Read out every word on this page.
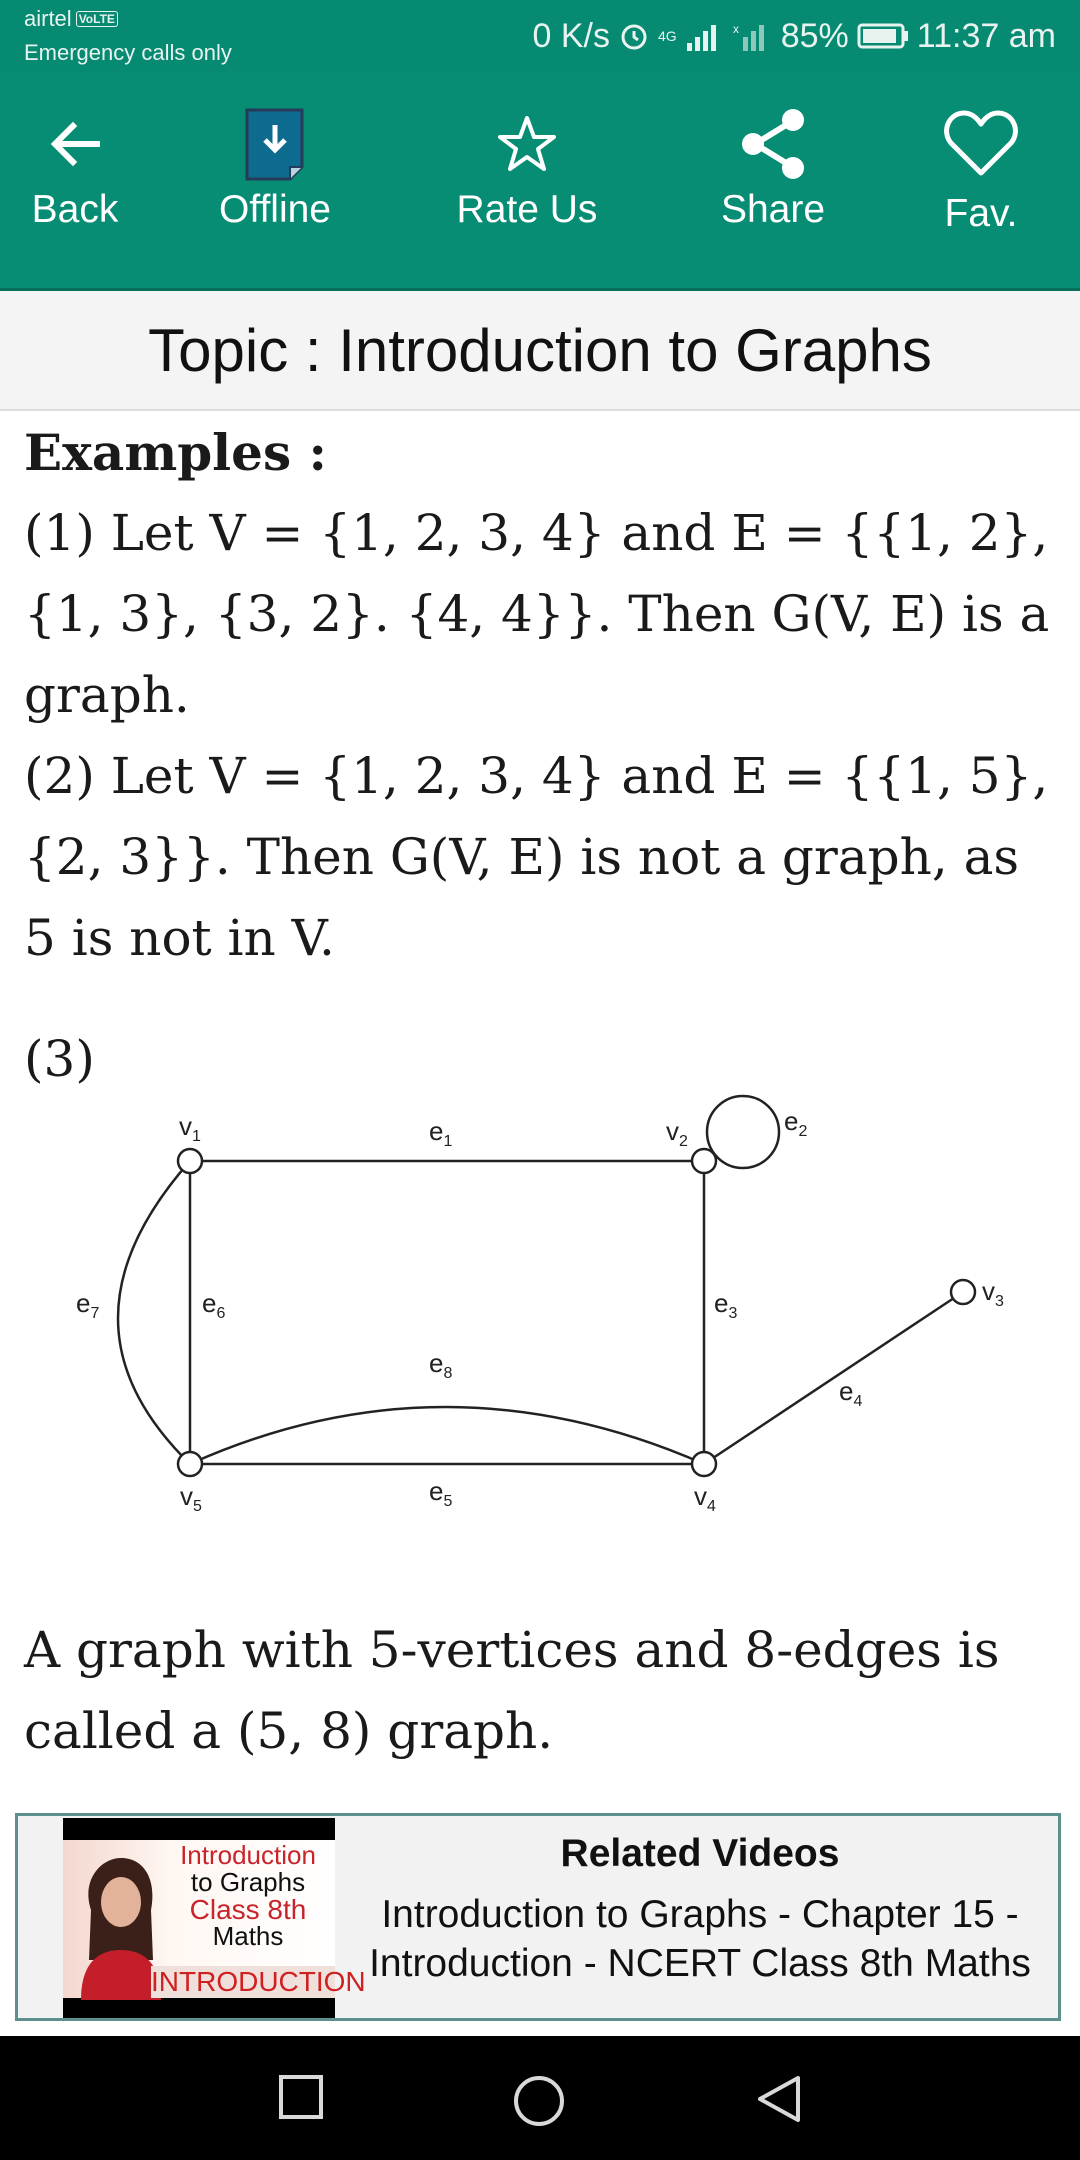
airtel VoLTE
Emergency calls only	0 K/s	4G	x 85% 11:37 am
Back	Offline	Rate Us	Share	Fav.
Topic : Introduction to Graphs

Examples :

(1) Let V = {1, 2, 3, 4} and E = {{1, 2}, {1, 3}, {3, 2}. {4, 4}}. Then G(V, E) is a graph.

(2) Let V = {1, 2, 3, 4} and E = {{1, 5}, {2, 3}}. Then G(V, E) is not a graph, as 5 is not in V.

(3)

$v_1$	$v_2$
$v_3$
$v_4$
$v_5$
$e_1$
$e_2$
$e_3$
$e_4$
$e_5$
$e_6$
$e_7$
$e_8$
A graph with 5-vertices and 8-edges is called a (5, 8) graph.
Introduction
to Graphs
Class 8th
Maths
INTRODUCTION
Related Videos
Introduction to Graphs - Chapter 15 - Introduction - NCERT Class 8th Maths
